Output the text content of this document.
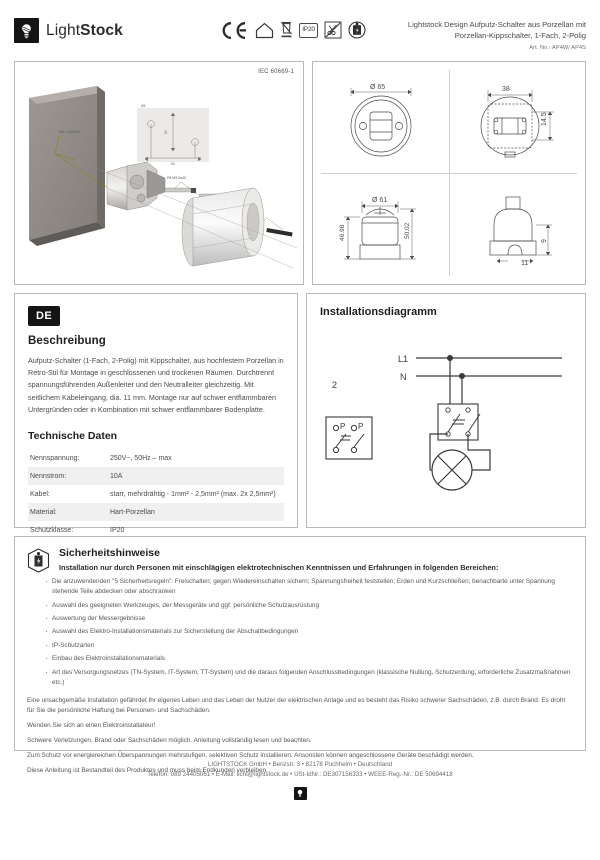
LightStock	IP20
Lightstock Design Aufputz-Schalter aus Porzellan mit
Porzellan-Kippschalter, 1-Fach, 2-Polig
Art. No.: AP4W/ AP4S
IEC 60669-1
M4 x 100mm
Ø4
60
60
PA M3.5x40
Ø 65	38
14.5
Ø 61
46.98	50.02
9
11
DE
Beschreibung

Aufputz-Schalter (1-Fach, 2-Polig) mit Kippschalter, aus hochfestem Porzellan in Retro-Stil für Montage in geschlossenen und trockenen Räumen. Durchtrennt spannungsführenden Außenleiter und den Neutralleiter gleichzeitig. Mit seitlichem Kabeleingang, dia. 11 mm. Montage nur auf schwer entflammbaren Untergründen oder in Kombination mit schwer entflammbarer Bodenplatte.

Technische Daten
Nennspannung:	250V~, 50Hz – max
Nennstrom:	10A
Kabel:	starr, mehrdrähtig - 1mm² - 2,5mm² (max. 2x 2,5mm²)
Material:	Hart-Porzellan
Schutzklasse:	IP20
Installationsdiagramm
2
P P
L1
N
Sicherheitshinweise

Installation nur durch Personen mit einschlägigen elektrotechnischen Kenntnissen und Erfahrungen in folgenden Bereichen:

· Die anzuwendenden "5 Sicherheitsregeln": Freischalten; gegen Wiedereinschalten sichern; Spannungsfreiheit feststellen; Erden und Kurzschließen; benachbarte unter Spannung stehende Teile abdecken oder abschranken
· Auswahl des geeigneten Werkzeuges, der Messgeräte und ggf. persönliche Schutzausrüstung
· Auswertung der Messergebnisse
· Auswahl des Elektro-Installationsmaterials zur Sicherstellung der Abschaltbedingungen
· IP-Schutzarten
· Einbau des Elektroinstallationsmaterials
· Art des Versorgungsnetzes (TN-System, IT-System, TT-System) und die daraus folgenden Anschlussbedingungen (klassische Nullung, Schutzerdung, erforderliche Zusatzmaßnahmen etc.)

Eine unsachgemäße Installation gefährdet Ihr eigenes Leben und das Leben der Nutzer der elektrischen Anlage und es besteht das Risiko schwerer Sachschäden, z.B. durch Brand. Es droht für Sie die persönliche Haftung bei Personen- und Sachschäden.

Wenden Sie sich an einen Elektroinstallateur!

Schwere Verletzungen, Brand oder Sachschäden möglich. Anleitung vollständig lesen und beachten.

Zum Schutz vor energiereichen Überspannungen mehrstufigen, selektiven Schutz installieren. Ansonsten können angeschlossene Geräte beschädigt werden.

Diese Anleitung ist Bestandteil des Produktes und muss beim Endkunden verbleiben.

LIGHTSTOCK GmbH • Benzstr. 3 • 82178 Puchheim • Deutschland
Telefon: 089 24405061 • E-Mail: licht@lightstock.de • USt-IdNr.: DE307156333 • WEEE-Reg.-Nr.: DE 50694418
